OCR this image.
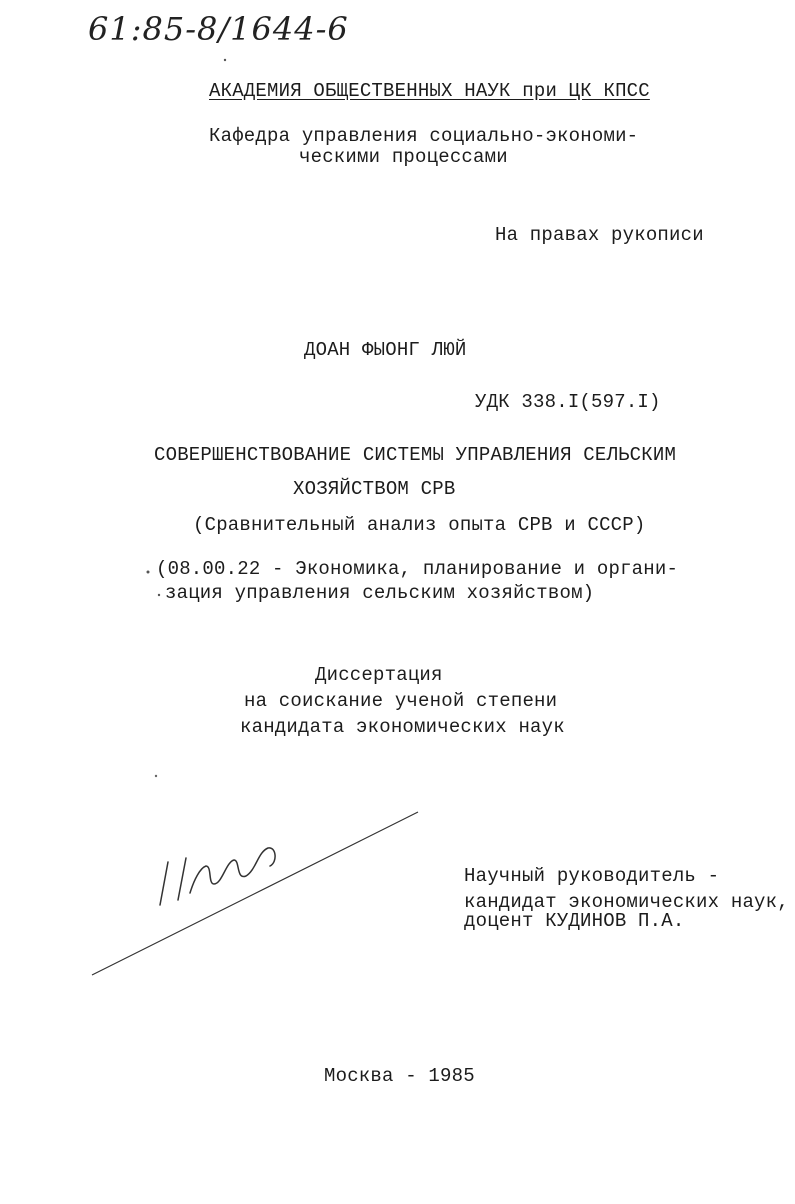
61:85-8/1644-6
АКАДЕМИЯ ОБЩЕСТВЕННЫХ НАУК при ЦК КПСС
Кафедра управления социально-экономи-
ческими процессами
На правах рукописи
ДОАН ФЫОНГ ЛЮЙ
УДК 338.I(597.I)
СОВЕРШЕНСТВОВАНИЕ СИСТЕМЫ УПРАВЛЕНИЯ СЕЛЬСКИМ
ХОЗЯЙСТВОМ СРВ
(Сравнительный анализ опыта СРВ и СССР)
(08.00.22 - Экономика, планирование и органи-
зация управления сельским хозяйством)
Диссертация
на соискание ученой степени
кандидата экономических наук
Научный руководитель -
кандидат экономических наук,
доцент КУДИНОВ П.А.
Москва - 1985
